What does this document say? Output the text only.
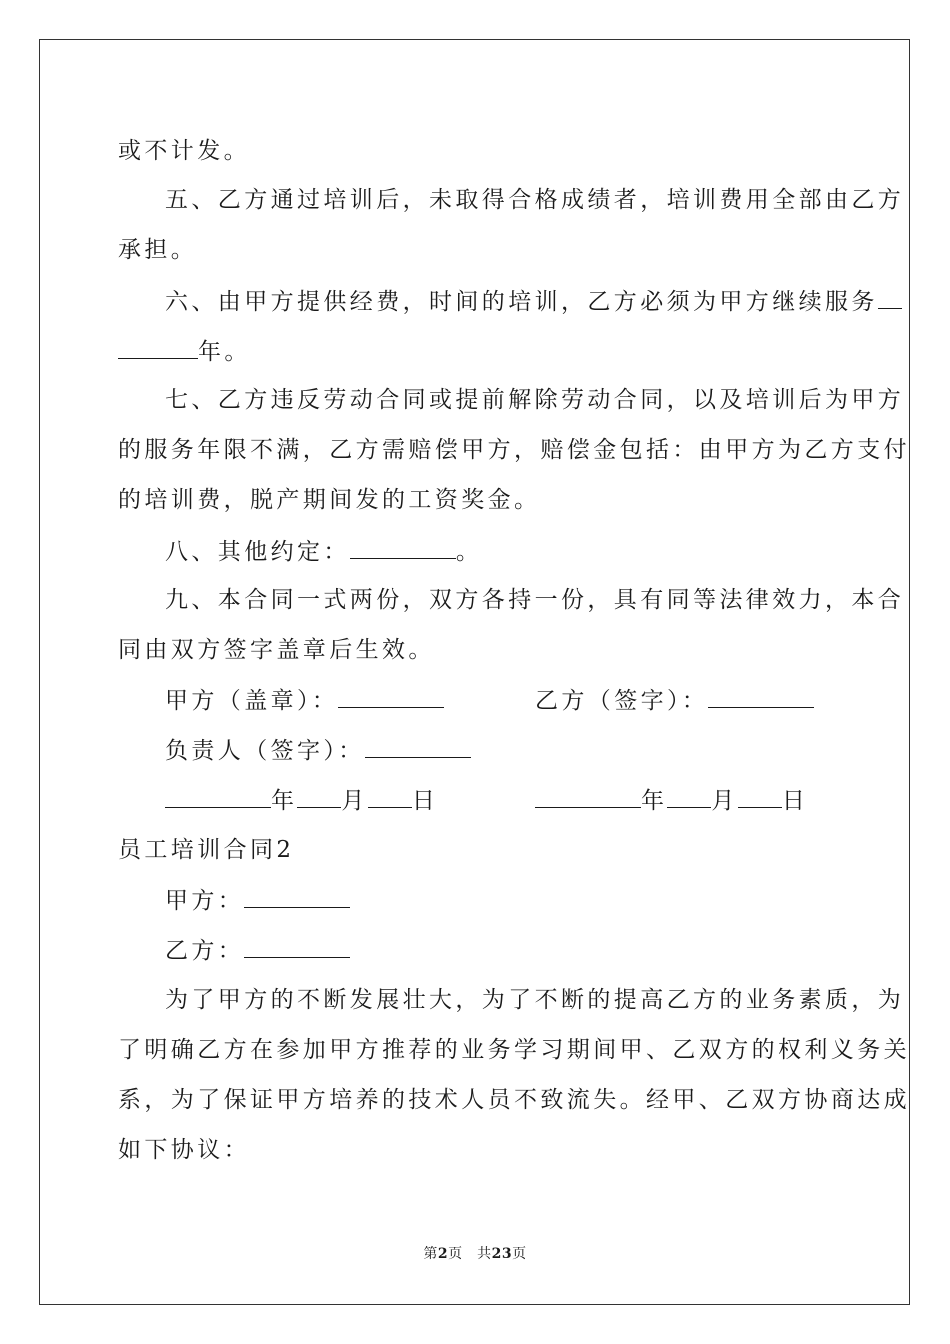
或不计发。
五、乙方通过培训后，未取得合格成绩者，培训费用全部由乙方
承担。
六、由甲方提供经费，时间的培训，乙方必须为甲方继续服务
年。
七、乙方违反劳动合同或提前解除劳动合同，以及培训后为甲方
的服务年限不满，乙方需赔偿甲方，赔偿金包括：由甲方为乙方支付
的培训费，脱产期间发的工资奖金。
八、其他约定：	。
九、本合同一式两份，双方各持一份，具有同等法律效力，本合
同由双方签字盖章后生效。
甲方（盖章）：	乙方（签字）：
负责人（签字）：
年 月 日	年 月 日
员工培训合同2
甲方：
乙方：
为了甲方的不断发展壮大，为了不断的提高乙方的业务素质，为
了明确乙方在参加甲方推荐的业务学习期间甲、乙双方的权利义务关
系，为了保证甲方培养的技术人员不致流失。经甲、乙双方协商达成
如下协议：
第2页　共23页
